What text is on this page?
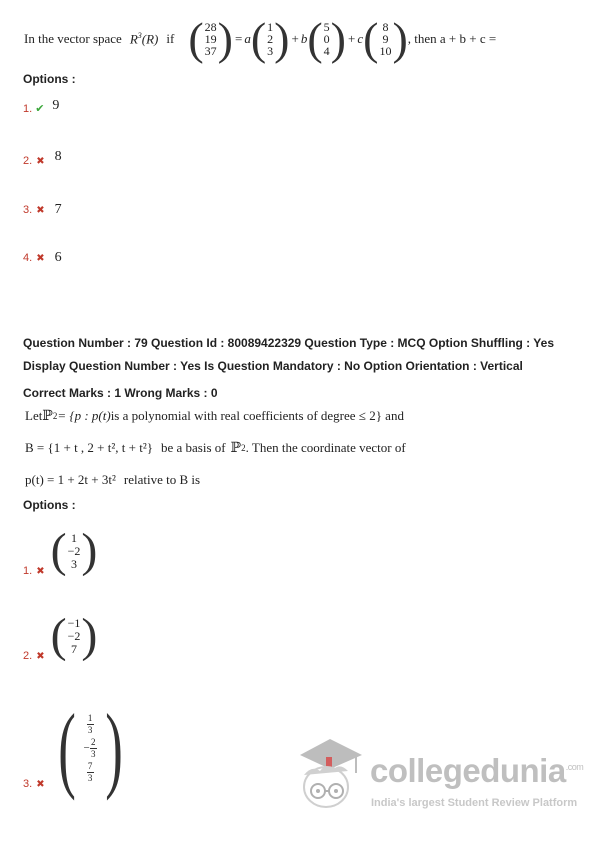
In the vector space $R^3(R)$ if ( 28
19
37 ) = a ( 1
2
3 ) + b ( 5
0
4 ) + c ( 8
9
10 ) , then a + b + c =
Options :
1. ✔ 9
2. ✖ 8
3. ✖ 7
4. ✖ 6
Question Number : 79 Question Id : 80089422329 Question Type : MCQ Option Shuffling : Yes
Display Question Number : Yes Is Question Mandatory : No Option Orientation : Vertical
Correct Marks : 1 Wrong Marks : 0
Let ℙ 2 = {p : p(t) is a polynomial with real coefficients of degree ≤ 2} and
B = {1 + t , 2 + t², t + t²} be a basis of ℙ 2 . Then the coordinate vector of
p(t) = 1 + 2t + 3t² relative to B is
Options :
1. ✖ ( 1
−2
3 )
2. ✖ ( −1
−2
7 )
3. ✖ ( $\frac{1}{3}$
− $\frac{2}{3}$
$\frac{7}{3}$ )	collegedunia$^{.com}$
India's largest Student Review Platform
